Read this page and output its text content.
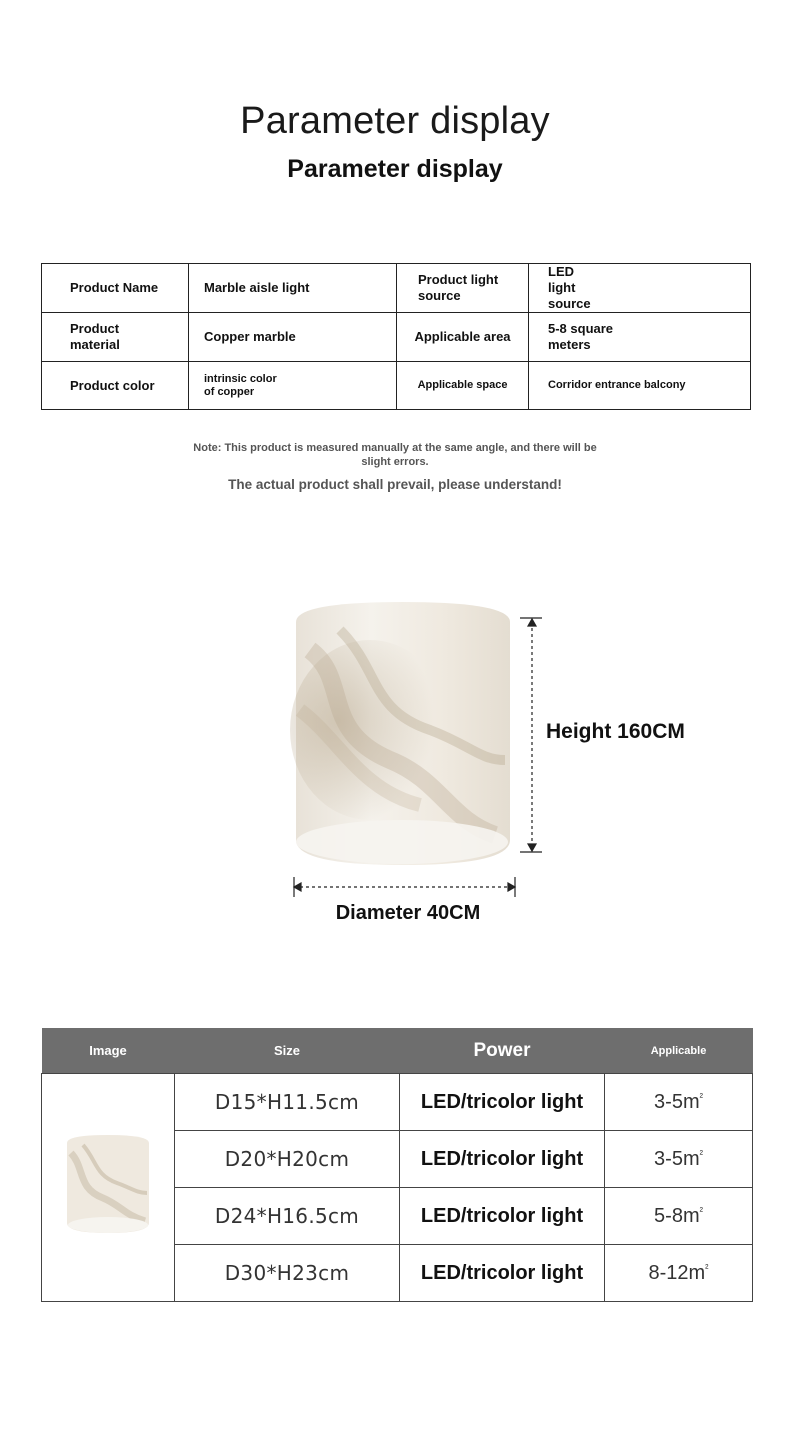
Parameter display
Parameter display
Product Name	Marble aisle light	Product light source	LED light source
Product material	Copper marble	Applicable area	5-8 square meters
Product color	intrinsic color of copper	Applicable space	Corridor entrance balcony
Note: This product is measured manually at the same angle, and there will be slight errors.
The actual product shall prevail, please understand!
Height 160CM
Diameter 40CM
Image	Size	Power	Applicable
	D15*H11.5cm	LED/tricolor light	$3-5m^{^2}$
	D20*H20cm	LED/tricolor light	$3-5m^{^2}$
	D24*H16.5cm	LED/tricolor light	$5-8m^{^2}$
	D30*H23cm	LED/tricolor light	$8-12m^{^2}$
